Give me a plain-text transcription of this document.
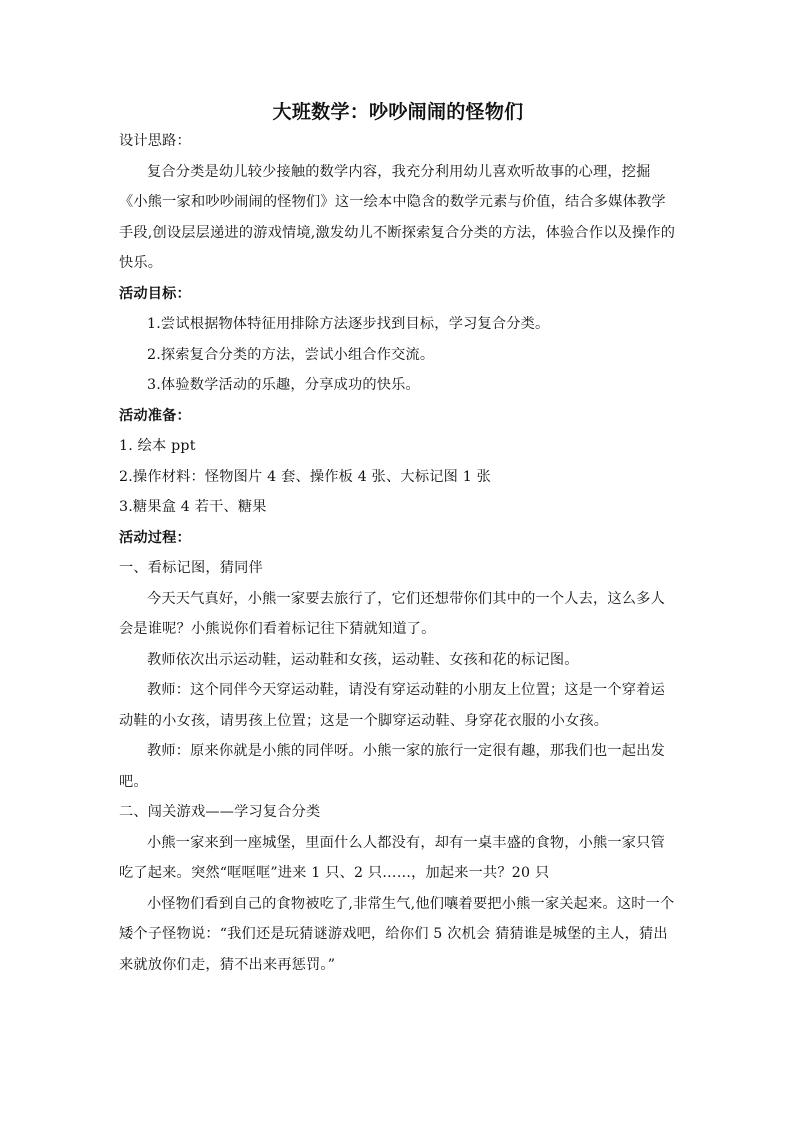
大班数学：吵吵闹闹的怪物们

设计思路：

复合分类是幼儿较少接触的数学内容，我充分利用幼儿喜欢听故事的心理，挖掘《小熊一家和吵吵闹闹的怪物们》这一绘本中隐含的数学元素与价值，结合多媒体教学手段,创设层层递进的游戏情境,激发幼儿不断探索复合分类的方法，体验合作以及操作的快乐。

活动目标：

1.尝试根据物体特征用排除方法逐步找到目标，学习复合分类。

2.探索复合分类的方法，尝试小组合作交流。

3.体验数学活动的乐趣，分享成功的快乐。

活动准备：

1. 绘本 ppt

2.操作材料：怪物图片 4 套、操作板 4 张、大标记图 1 张

3.糖果盒 4 若干、糖果

活动过程：

一、看标记图，猜同伴

今天天气真好，小熊一家要去旅行了，它们还想带你们其中的一个人去，这么多人会是谁呢？小熊说你们看着标记往下猜就知道了。

教师依次出示运动鞋，运动鞋和女孩，运动鞋、女孩和花的标记图。

教师：这个同伴今天穿运动鞋，请没有穿运动鞋的小朋友上位置；这是一个穿着运动鞋的小女孩，请男孩上位置；这是一个脚穿运动鞋、身穿花衣服的小女孩。

教师：原来你就是小熊的同伴呀。小熊一家的旅行一定很有趣，那我们也一起出发吧。

二、闯关游戏——学习复合分类

小熊一家来到一座城堡，里面什么人都没有，却有一桌丰盛的食物，小熊一家只管吃了起来。突然“哐哐哐”进来 1 只、2 只……，加起来一共？20 只

小怪物们看到自己的食物被吃了,非常生气,他们嚷着要把小熊一家关起来。这时一个矮个子怪物说：“我们还是玩猜谜游戏吧，给你们 5 次机会 猜猜谁是城堡的主人，猜出来就放你们走，猜不出来再惩罚。”
